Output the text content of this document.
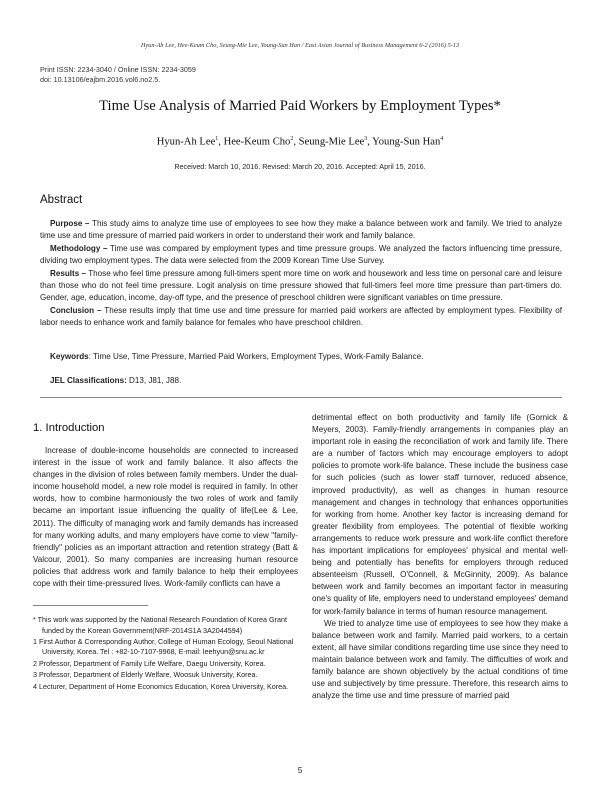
Hyun-Ah Lee, Hee-Keum Cho, Seung-Mie Lee, Young-Sun Han / East Asian Journal of Business Management 6-2 (2016) 5-13
Print ISSN: 2234-3040 / Online ISSN: 2234-3059
doi: 10.13106/eajbm.2016.vol6.no2.5.
Time Use Analysis of Married Paid Workers by Employment Types*
Hyun-Ah Lee$^1$, Hee-Keum Cho$^2$, Seung-Mie Lee$^3$, Young-Sun Han$^4$
Received: March 10, 2016. Revised: March 20, 2016. Accepted: April 15, 2016.
Abstract

Purpose – This study aims to analyze time use of employees to see how they make a balance between work and family. We tried to analyze time use and time pressure of married paid workers in order to understand their work and family balance.

Methodology – Time use was compared by employment types and time pressure groups. We analyzed the factors influencing time pressure, dividing two employment types. The data were selected from the 2009 Korean Time Use Survey.

Results – Those who feel time pressure among full-timers spent more time on work and housework and less time on personal care and leisure than those who do not feel time pressure. Logit analysis on time pressure showed that full-timers feel more time pressure than part-timers do. Gender, age, education, income, day-off type, and the presence of preschool children were significant variables on time pressure.

Conclusion – These results imply that time use and time pressure for married paid workers are affected by employment types. Flexibility of labor needs to enhance work and family balance for females who have preschool children.

Keywords: Time Use, Time Pressure, Married Paid Workers, Employment Types, Work-Family Balance.
JEL Classifications: D13, J81, J88.
1. Introduction

Increase of double-income households are connected to increased interest in the issue of work and family balance. It also affects the changes in the division of roles between family members. Under the dual-income household model, a new role model is required in family. In other words, how to combine harmoniously the two roles of work and family became an important issue influencing the quality of life(Lee & Lee, 2011). The difficulty of managing work and family demands has increased for many working adults, and many employers have come to view "family-friendly" policies as an important attraction and retention strategy (Batt & Valcour, 2001). So many companies are increasing human resource policies that address work and family balance to help their employees cope with their time-pressured lives. Work-family conflicts can have a

* This work was supported by the National Research Foundation of Korea Grant funded by the Korean Government(NRF-2014S1A 3A2044594)

1 First Author & Corresponding Author, College of Human Ecology, Seoul National University, Korea. Tel : +82-10-7107-9968, E-mail: leehyun@snu.ac.kr

2 Professor, Department of Family Life Welfare, Daegu University, Korea.

3 Professor, Department of Elderly Welfare, Woosuk University, Korea.

4 Lecturer, Department of Home Economics Education, Korea University, Korea.

detrimental effect on both productivity and family life (Gornick & Meyers, 2003). Family-friendly arrangements in companies play an important role in easing the reconciliation of work and family life. There are a number of factors which may encourage employers to adopt policies to promote work-life balance. These include the business case for such policies (such as lower staff turnover, reduced absence, improved productivity), as well as changes in human resource management and changes in technology that enhances opportunities for working from home. Another key factor is increasing demand for greater flexibility from employees. The potential of flexible working arrangements to reduce work pressure and work-life conflict therefore has important implications for employees' physical and mental well-being and potentially has benefits for employers through reduced absenteeism (Russell, O'Connell, & McGinnity, 2009). As balance between work and family becomes an important factor in measuring one's quality of life, employers need to understand employees' demand for work-family balance in terms of human resource management.

We tried to analyze time use of employees to see how they make a balance between work and family. Married paid workers, to a certain extent, all have similar conditions regarding time use since they need to maintain balance between work and family. The difficulties of work and family balance are shown objectively by the actual conditions of time use and subjectively by time pressure. Therefore, this research aims to analyze the time use and time pressure of married paid

5
